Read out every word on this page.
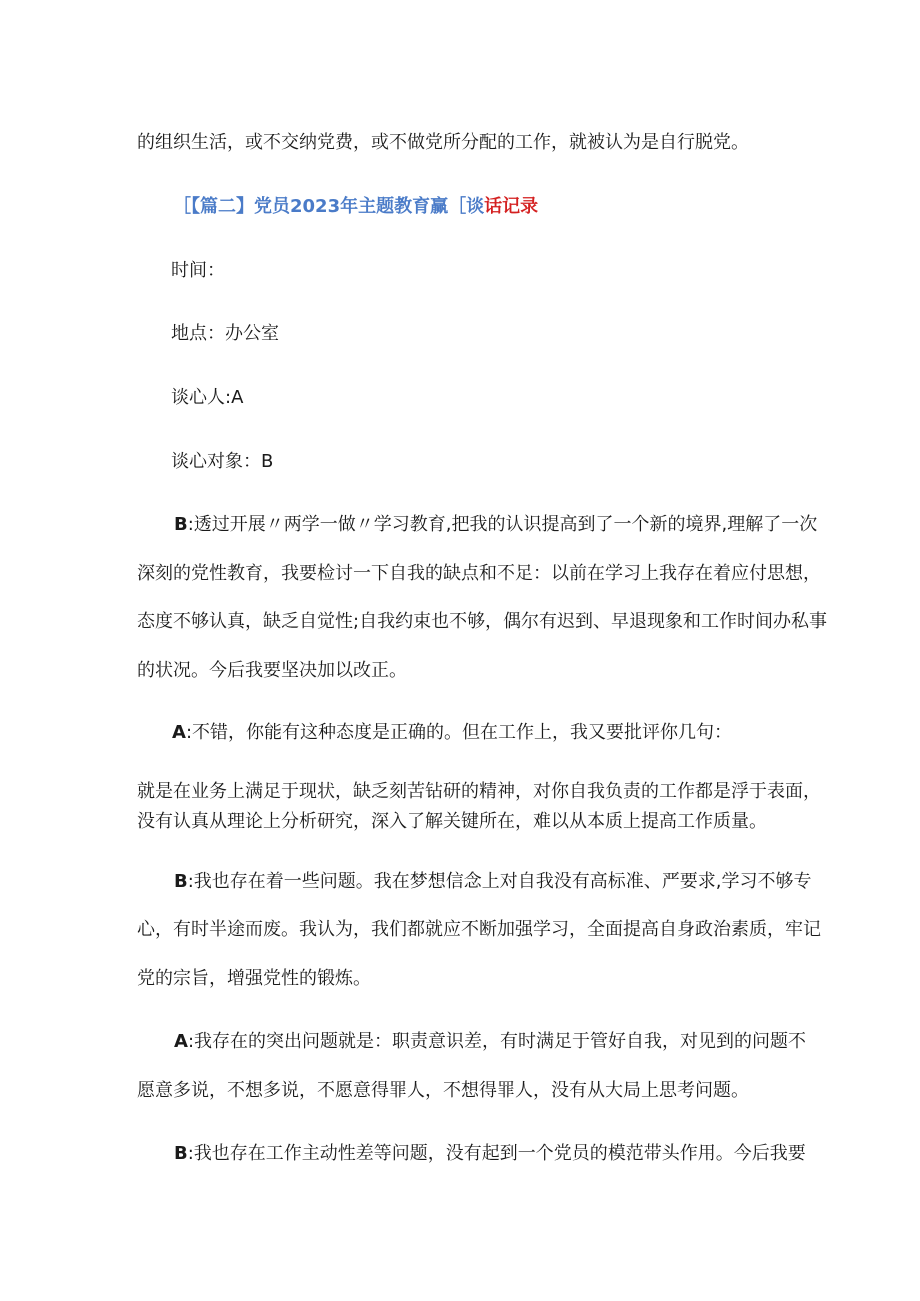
的组织生活，或不交纳党费，或不做党所分配的工作，就被认为是自行脱党。
［【篇二】党员2023年主题教育赢［谈话记录
时间：
地点：办公室
谈心人:A
谈心对象：B
B:透过开展〃两学一做〃学习教育,把我的认识提高到了一个新的境界,理解了一次
深刻的党性教育，我要检讨一下自我的缺点和不足：以前在学习上我存在着应付思想，
态度不够认真，缺乏自觉性;自我约束也不够，偶尔有迟到、早退现象和工作时间办私事
的状况。今后我要坚决加以改正。
A:不错，你能有这种态度是正确的。但在工作上，我又要批评你几句：
就是在业务上满足于现状，缺乏刻苦钻研的精神，对你自我负责的工作都是浮于表面，
没有认真从理论上分析研究，深入了解关键所在，难以从本质上提高工作质量。
B:我也存在着一些问题。我在梦想信念上对自我没有高标准、严要求,学习不够专
心，有时半途而废。我认为，我们都就应不断加强学习，全面提高自身政治素质，牢记
党的宗旨，增强党性的锻炼。
A:我存在的突出问题就是：职责意识差，有时满足于管好自我，对见到的问题不
愿意多说，不想多说，不愿意得罪人，不想得罪人，没有从大局上思考问题。
B:我也存在工作主动性差等问题，没有起到一个党员的模范带头作用。今后我要
